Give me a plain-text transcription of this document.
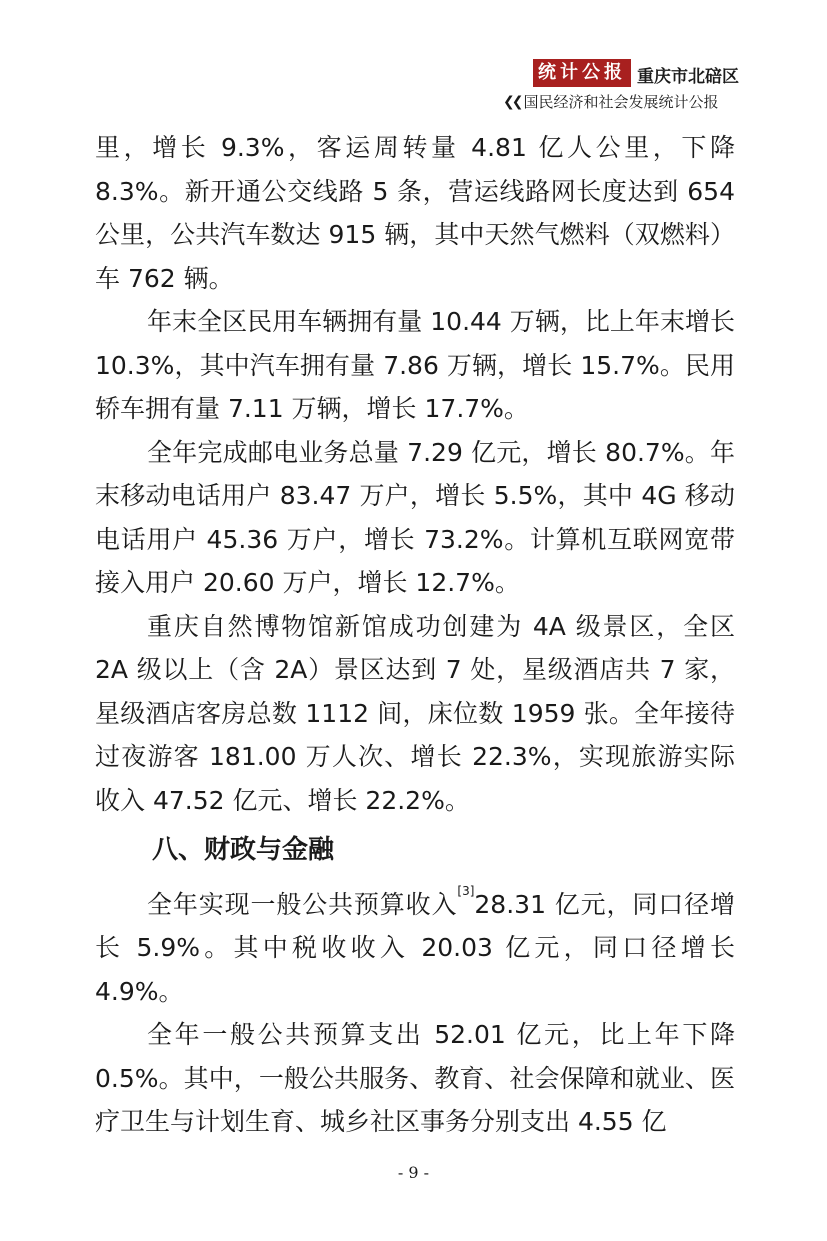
统计公报 重庆市北碚区
❮❮ 国民经济和社会发展统计公报

里，增长 9.3%，客运周转量 4.81 亿人公里，下降 8.3%。新开通公交线路 5 条，营运线路网长度达到 654 公里，公共汽车数达 915 辆，其中天然气燃料（双燃料）车 762 辆。

年末全区民用车辆拥有量 10.44 万辆，比上年末增长 10.3%，其中汽车拥有量 7.86 万辆，增长 15.7%。民用轿车拥有量 7.11 万辆，增长 17.7%。

全年完成邮电业务总量 7.29 亿元，增长 80.7%。年末移动电话用户 83.47 万户，增长 5.5%，其中 4G 移动电话用户 45.36 万户，增长 73.2%。计算机互联网宽带接入用户 20.60 万户，增长 12.7%。

重庆自然博物馆新馆成功创建为 4A 级景区，全区 2A 级以上（含 2A）景区达到 7 处，星级酒店共 7 家，星级酒店客房总数 1112 间，床位数 1959 张。全年接待过夜游客 181.00 万人次、增长 22.3%，实现旅游实际收入 47.52 亿元、增长 22.2%。

八、财政与金融

全年实现一般公共预算收入[3]28.31 亿元，同口径增长 5.9%。其中税收收入 20.03 亿元，同口径增长 4.9%。

全年一般公共预算支出 52.01 亿元，比上年下降 0.5%。其中，一般公共服务、教育、社会保障和就业、医疗卫生与计划生育、城乡社区事务分别支出 4.55 亿

- 9 -
